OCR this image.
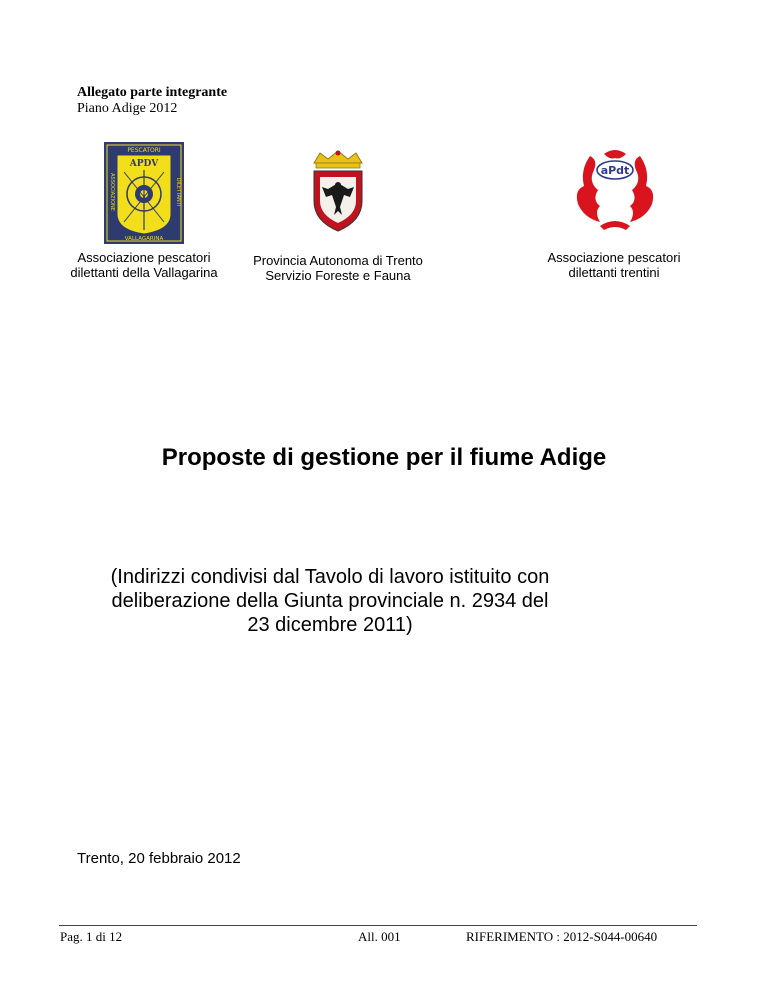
Allegato parte integrante
Piano Adige 2012
PESCATORI
VALLAGARINA
ASSOCIAZIONE	DILETTANTI
APDV	aPdt
Associazione pescatori
dilettanti della Vallagarina
Provincia Autonoma di Trento
Servizio Foreste e Fauna
Associazione pescatori
dilettanti trentini
Proposte di gestione per il fiume Adige
(Indirizzi condivisi dal Tavolo di lavoro istituito con
deliberazione della Giunta provinciale n. 2934 del
23 dicembre 2011)
Trento, 20 febbraio 2012
Pag. 1 di 12	All. 001	RIFERIMENTO : 2012-S044-00640
